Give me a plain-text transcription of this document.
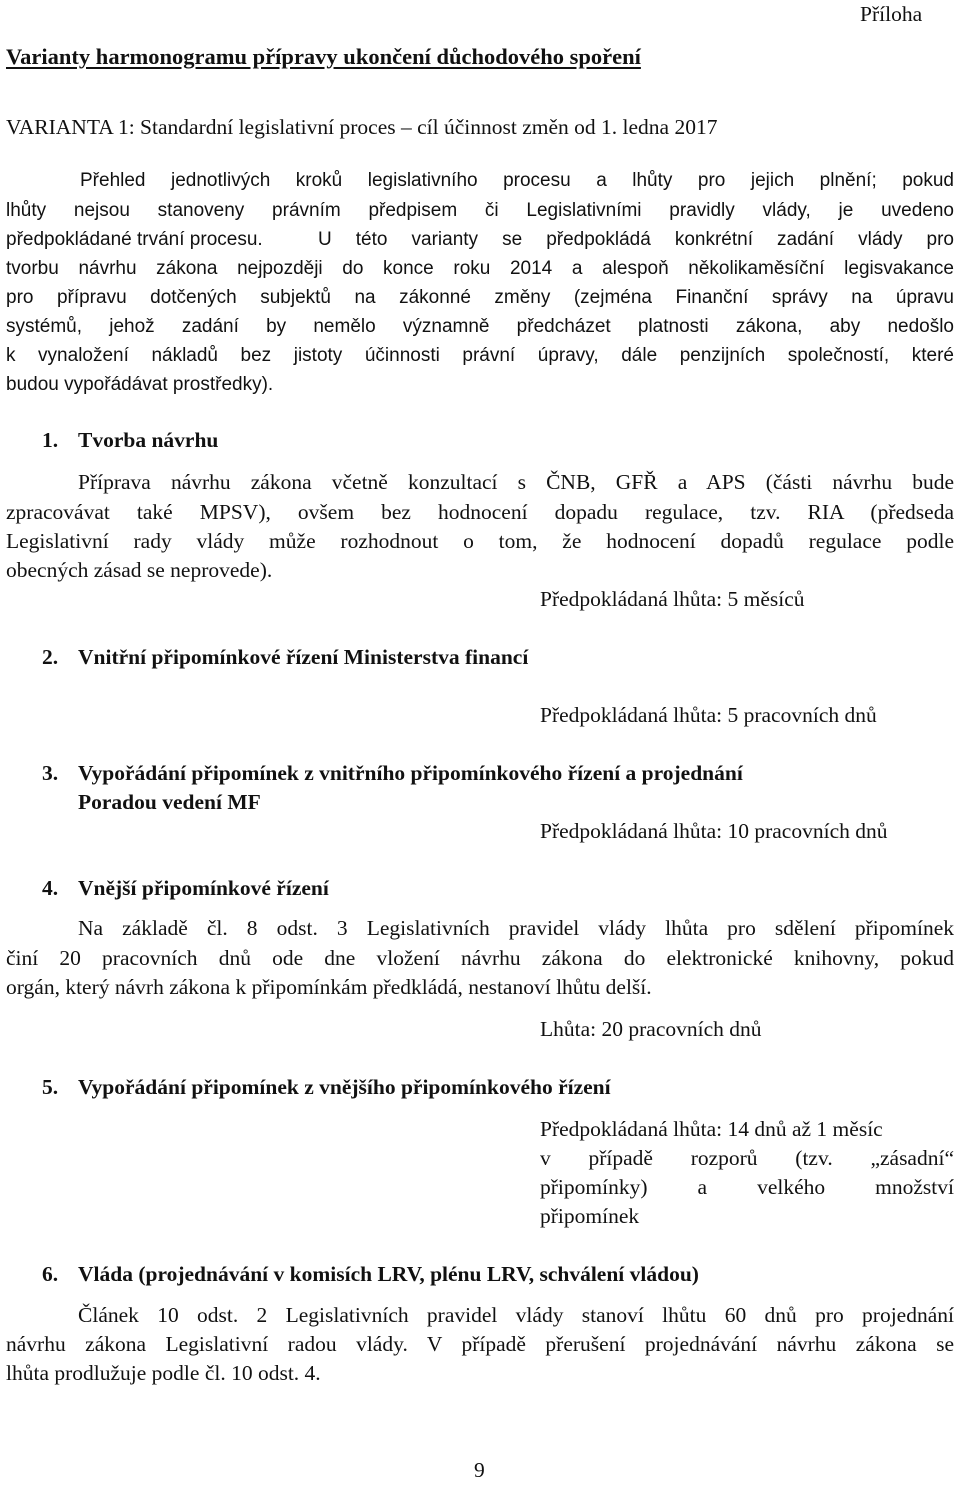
Příloha
Varianty harmonogramu přípravy ukončení důchodového spoření
VARIANTA 1: Standardní legislativní proces – cíl účinnost změn od 1. ledna 2017
Přehled jednotlivých kroků legislativního procesu a lhůty pro jejich plnění; pokud
lhůty nejsou stanoveny právním předpisem či Legislativními pravidly vlády, je uvedeno
předpokládané trvání procesu.	U této varianty se předpokládá konkrétní zadání vlády pro
tvorbu návrhu zákona nejpozději do konce roku 2014 a alespoň několikaměsíční legisvakance
pro přípravu dotčených subjektů na zákonné změny (zejména Finanční správy na úpravu
systémů, jehož zadání by nemělo významně předcházet platnosti zákona, aby nedošlo
k vynaložení nákladů bez jistoty účinnosti právní úpravy, dále penzijních společností, které
budou vypořádávat prostředky).
1. Tvorba návrhu
Příprava návrhu zákona včetně konzultací s ČNB, GFŘ a APS (části návrhu bude
zpracovávat také MPSV), ovšem bez hodnocení dopadu regulace, tzv. RIA (předseda
Legislativní rady vlády může rozhodnout o tom, že hodnocení dopadů regulace podle
obecných zásad se neprovede).
Předpokládaná lhůta: 5 měsíců
2. Vnitřní připomínkové řízení Ministerstva financí
Předpokládaná lhůta: 5 pracovních dnů
3. Vypořádání připomínek z vnitřního připomínkového řízení a projednání
Poradou vedení MF
Předpokládaná lhůta: 10 pracovních dnů
4. Vnější připomínkové řízení
Na základě čl. 8 odst. 3 Legislativních pravidel vlády lhůta pro sdělení připomínek
činí 20 pracovních dnů ode dne vložení návrhu zákona do elektronické knihovny, pokud
orgán, který návrh zákona k připomínkám předkládá, nestanoví lhůtu delší.
Lhůta: 20 pracovních dnů
5. Vypořádání připomínek z vnějšího připomínkového řízení
Předpokládaná lhůta: 14 dnů až 1 měsíc
v případě rozporů (tzv. „zásadní“
připomínky) a velkého množství
připomínek
6. Vláda (projednávání v komisích LRV, plénu LRV, schválení vládou)
Článek 10 odst. 2 Legislativních pravidel vlády stanoví lhůtu 60 dnů pro projednání
návrhu zákona Legislativní radou vlády. V případě přerušení projednávání návrhu zákona se
lhůta prodlužuje podle čl. 10 odst. 4.
9
